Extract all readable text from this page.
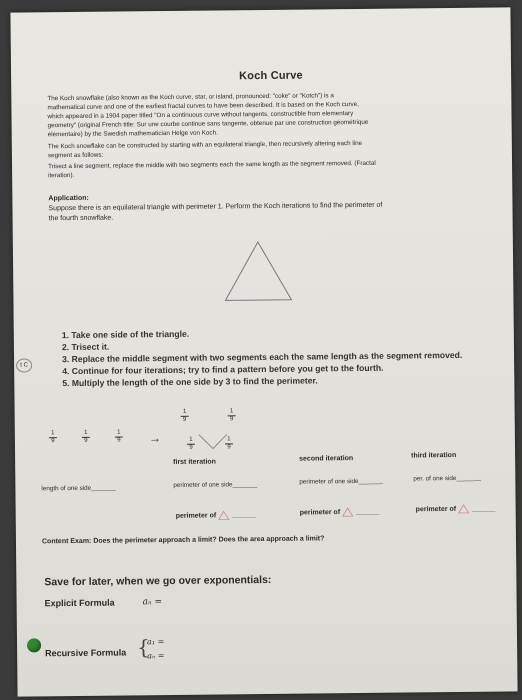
Koch Curve
The Koch snowflake (also known as the Koch curve, star, or island, pronounced: "coke" or "Kotch") is a
mathematical curve and one of the earliest fractal curves to have been described. It is based on the Koch curve,
which appeared in a 1904 paper titled "On a continuous curve without tangents, constructible from elementary
geometry" (original French title: Sur une courbe continue sans tangente, obtenue par une construction géométrique
élémentaire) by the Swedish mathematician Helge von Koch.
The Koch snowflake can be constructed by starting with an equilateral triangle, then recursively altering each line
segment as follows:
Trisect a line segment, replace the middle with two segments each the same length as the segment removed. (Fractal
iteration).
Application:
Suppose there is an equilateral triangle with perimeter 1. Perform the Koch iterations to find the perimeter of
the fourth snowflake.
1. Take one side of the triangle.
2. Trisect it.
3. Replace the middle segment with two segments each the same length as the segment removed.
4. Continue for four iterations; try to find a pattern before you get to the fourth.
5. Multiply the length of the one side by 3 to find the perimeter.
t C
$\frac{1}{9}$	$\frac{1}{9}$	$\frac{1}{9}$ →
$\frac{1}{9}$	$\frac{1}{9}$
$\frac{1}{9}$	$\frac{1}{9}$
first iteration	second iteration	third iteration
length of one side_______	perimeter of one side_______	perimeter of one side_______	per. of one side_______
perimeter of ______	perimeter of ______	perimeter of ______
Content Exam: Does the perimeter approach a limit? Does the area approach a limit?
Save for later, when we go over exponentials:
Explicit Formula	aₙ =
Recursive Formula {
a₁ =
aₙ =
